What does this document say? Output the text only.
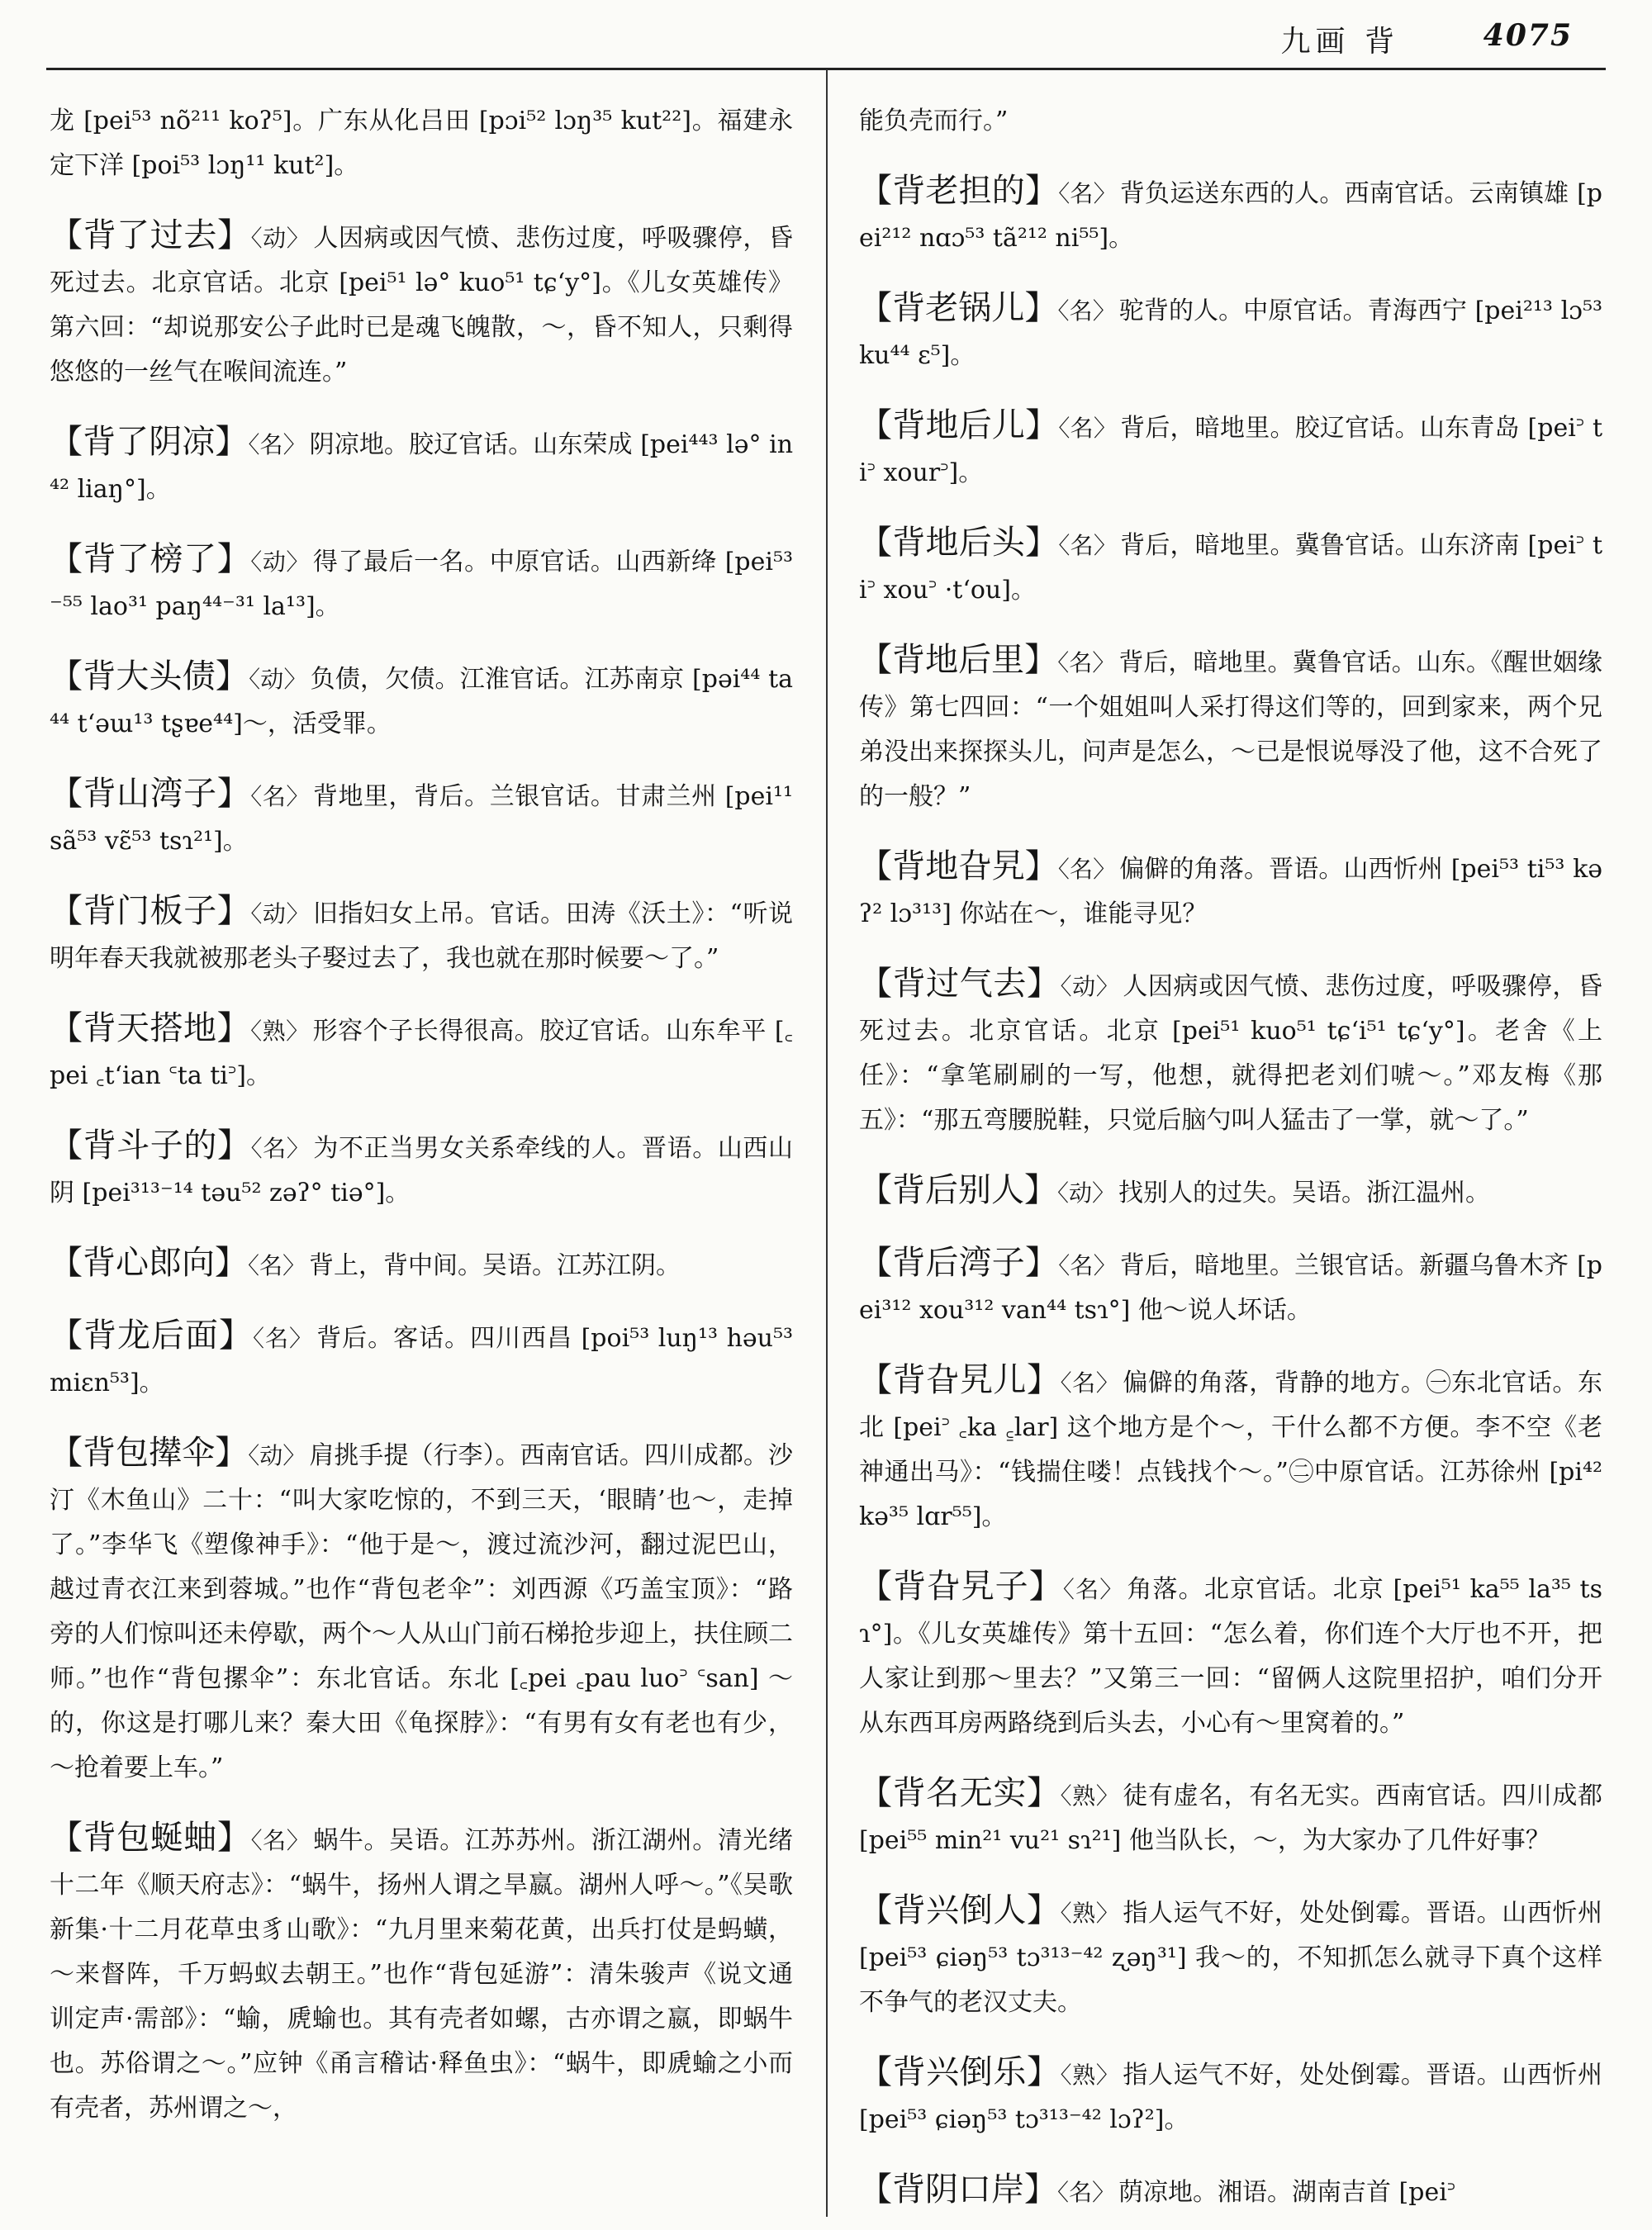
九画 背	4075

龙 [pei⁵³ nõ²¹¹ koʔ⁵]。广东从化吕田 [pɔi⁵² lɔŋ³⁵ kut²²]。福建永定下洋 [poi⁵³ lɔŋ¹¹ kut²]。

【 背了过去 】 〈动〉 人因病或因气愤、悲伤过度，呼吸骤停，昏死过去。北京官话。北京 [pei⁵¹ lə° kuo⁵¹ tɕʻy°]。《儿女英雄传》第六回：“却说那安公子此时已是魂飞魄散，～，昏不知人，只剩得悠悠的一丝气在喉间流连。”

【 背了阴凉 】 〈名〉 阴凉地。胶辽官话。山东荣成 [pei⁴⁴³ lə° in⁴² liaŋ°]。

【 背了榜了 】 〈动〉 得了最后一名。中原官话。山西新绛 [pei⁵³⁻⁵⁵ lao³¹ paŋ⁴⁴⁻³¹ la¹³]。

【 背大头债 】 〈动〉 负债，欠债。江淮官话。江苏南京 [pəi⁴⁴ ta⁴⁴ tʻəɯ¹³ tʂɐe⁴⁴]～，活受罪。

【 背山湾子 】 〈名〉 背地里，背后。兰银官话。甘肃兰州 [pei¹¹ sã⁵³ vɛ̃⁵³ tsɿ²¹]。

【 背门板子 】 〈动〉 旧指妇女上吊。官话。田涛《沃土》：“听说明年春天我就被那老头子娶过去了，我也就在那时候要～了。”

【 背天搭地 】 〈熟〉 形容个子长得很高。胶辽官话。山东牟平 [꜀pei ꜀tʻian ꜂ta ti꜄]。

【 背斗子的 】 〈名〉 为不正当男女关系牵线的人。晋语。山西山阴 [pei³¹³⁻¹⁴ təu⁵² zəʔ° tiə°]。

【 背心郎向 】 〈名〉 背上，背中间。吴语。江苏江阴。

【 背龙后面 】 〈名〉 背后。客话。四川西昌 [poi⁵³ luŋ¹³ həu⁵³ miɛn⁵³]。

【 背包撵伞 】 〈动〉 肩挑手提（行李）。西南官话。四川成都。沙汀《木鱼山》二十：“叫大家吃惊的，不到三天，‘眼睛’也～，走掉了。”李华飞《塑像神手》：“他于是～，渡过流沙河，翻过泥巴山，越过青衣江来到蓉城。”也作“背包老伞”：刘西源《巧盖宝顶》：“路旁的人们惊叫还未停歇，两个～人从山门前石梯抢步迎上，扶住顾二师。”也作“背包摞伞”：东北官话。东北 [꜀pei ꜀pau luo꜄ ꜂san] ～的，你这是打哪儿来？秦大田《龟探脖》：“有男有女有老也有少，～抢着要上车。”

【 背包蜒蚰 】 〈名〉 蜗牛。吴语。江苏苏州。浙江湖州。清光绪十二年《顺天府志》：“蜗牛，扬州人谓之旱嬴。湖州人呼～。”《吴歌新集·十二月花草虫豸山歌》：“九月里来菊花黄，出兵打仗是蚂蟥，～来督阵，千万蚂蚁去朝王。”也作“背包延游”：清朱骏声《说文通训定声·需部》：“蝓，虒蝓也。其有壳者如螺，古亦谓之嬴，即蜗牛也。苏俗谓之～。”应钟《甬言稽诂·释鱼虫》：“蜗牛，即虒蝓之小而有壳者，苏州谓之～，

能负壳而行。”

【 背老担的 】 〈名〉 背负运送东西的人。西南官话。云南镇雄 [pei²¹² nɑɔ⁵³ tã²¹² ni⁵⁵]。

【 背老锅儿 】 〈名〉 驼背的人。中原官话。青海西宁 [pei²¹³ lɔ⁵³ ku⁴⁴ ɛ⁵]。

【 背地后儿 】 〈名〉 背后，暗地里。胶辽官话。山东青岛 [pei꜄ ti꜄ xour꜄]。

【 背地后头 】 〈名〉 背后，暗地里。冀鲁官话。山东济南 [pei꜄ ti꜄ xou꜄ ·tʻou]。

【 背地后里 】 〈名〉 背后，暗地里。冀鲁官话。山东。《醒世姻缘传》第七四回：“一个姐姐叫人采打得这们等的，回到家来，两个兄弟没出来探探头儿，问声是怎么，～已是恨说辱没了他，这不合死了的一般？”

【 背地旮旯 】 〈名〉 偏僻的角落。晋语。山西忻州 [pei⁵³ ti⁵³ kəʔ² lɔ³¹³] 你站在～，谁能寻见？

【 背过气去 】 〈动〉 人因病或因气愤、悲伤过度，呼吸骤停，昏死过去。北京官话。北京 [pei⁵¹ kuo⁵¹ tɕʻi⁵¹ tɕʻy°]。老舍《上任》：“拿笔刷刷的一写，他想，就得把老刘们唬～。”邓友梅《那五》：“那五弯腰脱鞋，只觉后脑勺叫人猛击了一掌，就～了。”

【 背后别人 】 〈动〉 找别人的过失。吴语。浙江温州。

【 背后湾子 】 〈名〉 背后，暗地里。兰银官话。新疆乌鲁木齐 [pei³¹² xou³¹² van⁴⁴ tsɿ°] 他～说人坏话。

【 背旮旯儿 】 〈名〉 偏僻的角落，背静的地方。㊀东北官话。东北 [pei꜄ ꜀ka ꜁lar] 这个地方是个～，干什么都不方便。李不空《老神通出马》：“钱揣住喽！点钱找个～。”㊁中原官话。江苏徐州 [pi⁴² kə³⁵ lɑr⁵⁵]。

【 背旮旯子 】 〈名〉 角落。北京官话。北京 [pei⁵¹ ka⁵⁵ la³⁵ tsɿ°]。《儿女英雄传》第十五回：“怎么着，你们连个大厅也不开，把人家让到那～里去？”又第三一回：“留俩人这院里招护，咱们分开从东西耳房两路绕到后头去，小心有～里窝着的。”

【 背名无实 】 〈熟〉 徒有虚名，有名无实。西南官话。四川成都 [pei⁵⁵ min²¹ vu²¹ sɿ²¹] 他当队长，～，为大家办了几件好事？

【 背兴倒人 】 〈熟〉 指人运气不好，处处倒霉。晋语。山西忻州 [pei⁵³ ɕiəŋ⁵³ tɔ³¹³⁻⁴² ʐəŋ³¹] 我～的，不知抓怎么就寻下真个这样不争气的老汉丈夫。

【 背兴倒乐 】 〈熟〉 指人运气不好，处处倒霉。晋语。山西忻州 [pei⁵³ ɕiəŋ⁵³ tɔ³¹³⁻⁴² lɔʔ²]。

【 背阴口岸 】 〈名〉 荫凉地。湘语。湖南吉首 [pei꜄
